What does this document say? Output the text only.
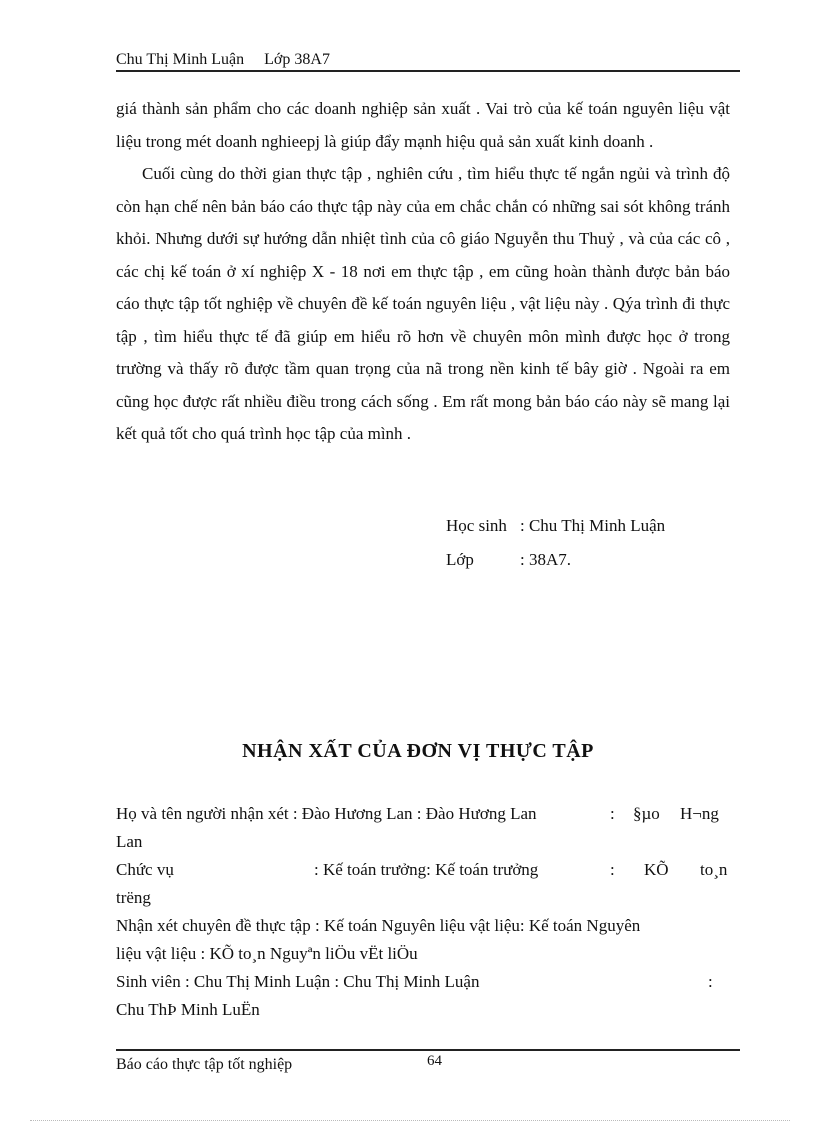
Chu Thị Minh Luận Lớp 38A7

giá thành sản phẩm cho các doanh nghiệp sản xuất . Vai trò của kế toán nguyên liệu vật liệu trong mét doanh nghieepj là giúp đẩy mạnh hiệu quả sản xuất kinh doanh .

Cuối cùng do thời gian thực tập , nghiên cứu , tìm hiểu thực tế ngắn ngủi và trình độ còn hạn chế nên bản báo cáo thực tập này của em chắc chắn có những sai sót không tránh khỏi. Nhưng dưới sự hướng dẫn nhiệt tình của cô giáo Nguyễn thu Thuỷ , và của các cô , các chị kế toán ở xí nghiệp X - 18 nơi em thực tập , em cũng hoàn thành được bản báo cáo thực tập tốt nghiệp về chuyên đề kế toán nguyên liệu , vật liệu này . Qýa trình đi thực tập , tìm hiểu thực tế đã giúp em hiểu rõ hơn về chuyên môn mình được học ở trong trường và thấy rõ được tầm quan trọng của nã trong nền kinh tế bây giờ . Ngoài ra em cũng học được rất nhiều điều trong cách sống . Em rất mong bản báo cáo này sẽ mang lại kết quả tốt cho quá trình học tập của mình .

Học sinh : Chu Thị Minh Luận
Lớp	: 38A7.
NHẬN XẤT CỦA ĐƠN VỊ THỰC TẬP
Họ và tên người nhận xét : Đào Hương Lan : Đào Hương Lan	: §µo H¬ng
Lan
Chức vụ	: Kế toán trưởng: Kế toán trưởng	: KÕ to¸n
trëng
Nhận xét chuyên đề thực tập : Kế toán Nguyên liệu vật liệu: Kế toán Nguyên
liệu vật liệu : KÕ to¸n Nguyªn liÖu vËt liÖu
Sinh viên : Chu Thị Minh Luận : Chu Thị Minh Luận	:
Chu ThÞ Minh LuËn
Báo cáo thực tập tốt nghiệp	64
